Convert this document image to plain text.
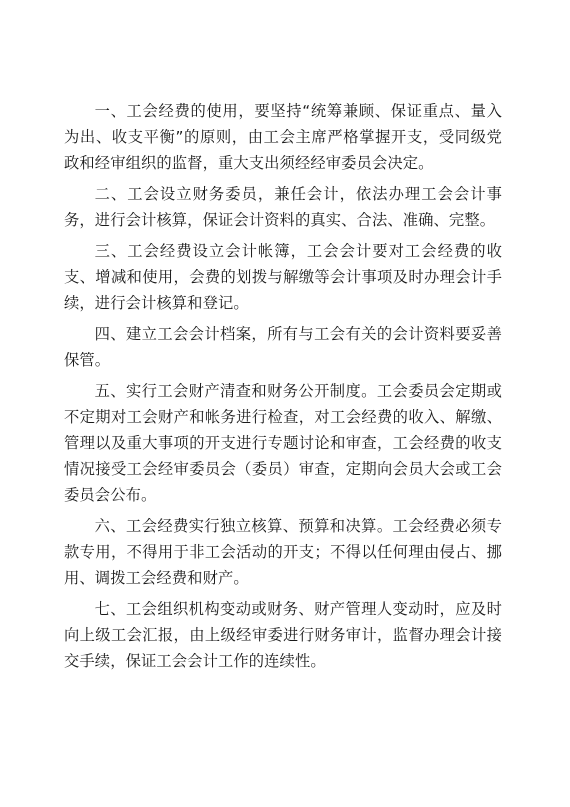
一、工会经费的使用，要坚持“统筹兼顾、保证重点、量入为出、收支平衡”的原则，由工会主席严格掌握开支，受同级党政和经审组织的监督，重大支出须经经审委员会决定。

二、工会设立财务委员，兼任会计，依法办理工会会计事务，进行会计核算，保证会计资料的真实、合法、准确、完整。

三、工会经费设立会计帐簿，工会会计要对工会经费的收支、增减和使用，会费的划拨与解缴等会计事项及时办理会计手续，进行会计核算和登记。

四、建立工会会计档案，所有与工会有关的会计资料要妥善保管。

五、实行工会财产清查和财务公开制度。工会委员会定期或不定期对工会财产和帐务进行检查，对工会经费的收入、解缴、管理以及重大事项的开支进行专题讨论和审查，工会经费的收支情况接受工会经审委员会（委员）审查，定期向会员大会或工会委员会公布。

六、工会经费实行独立核算、预算和决算。工会经费必须专款专用，不得用于非工会活动的开支；不得以任何理由侵占、挪用、调拨工会经费和财产。

七、工会组织机构变动或财务、财产管理人变动时，应及时向上级工会汇报，由上级经审委进行财务审计，监督办理会计接交手续，保证工会会计工作的连续性。
